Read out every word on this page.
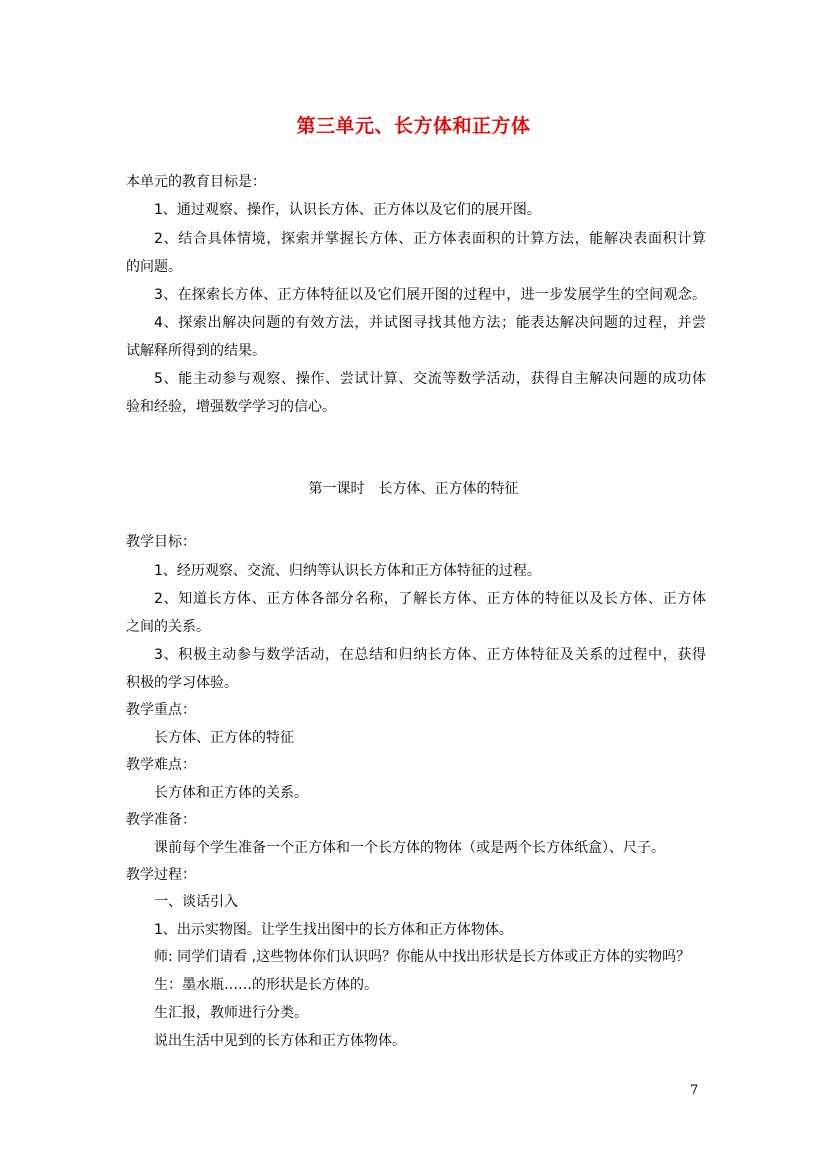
第三单元、长方体和正方体
本单元的教育目标是：
1、通过观察、操作，认识长方体、正方体以及它们的展开图。
2、结合具体情境，探索并掌握长方体、正方体表面积的计算方法，能解决表面积计算
的问题。
3、在探索长方体、正方体特征以及它们展开图的过程中，进一步发展学生的空间观念。
4、探索出解决问题的有效方法，并试图寻找其他方法；能表达解决问题的过程，并尝
试解释所得到的结果。
5、能主动参与观察、操作、尝试计算、交流等数学活动，获得自主解决问题的成功体
验和经验，增强数学学习的信心。
第一课时　长方体、正方体的特征
教学目标：
1、经历观察、交流、归纳等认识长方体和正方体特征的过程。
2、知道长方体、正方体各部分名称，了解长方体、正方体的特征以及长方体、正方体
之间的关系。
3、积极主动参与数学活动，在总结和归纳长方体、正方体特征及关系的过程中，获得
积极的学习体验。
教学重点：
长方体、正方体的特征
教学难点：
长方体和正方体的关系。
教学准备：
课前每个学生准备一个正方体和一个长方体的物体（或是两个长方体纸盒）、尺子。
教学过程：
一、谈话引入
1、出示实物图。让学生找出图中的长方体和正方体物体。
师: 同学们请看 ,这些物体你们认识吗？你能从中找出形状是长方体或正方体的实物吗？
生：墨水瓶……的形状是长方体的。
生汇报，教师进行分类。
说出生活中见到的长方体和正方体物体。
7
